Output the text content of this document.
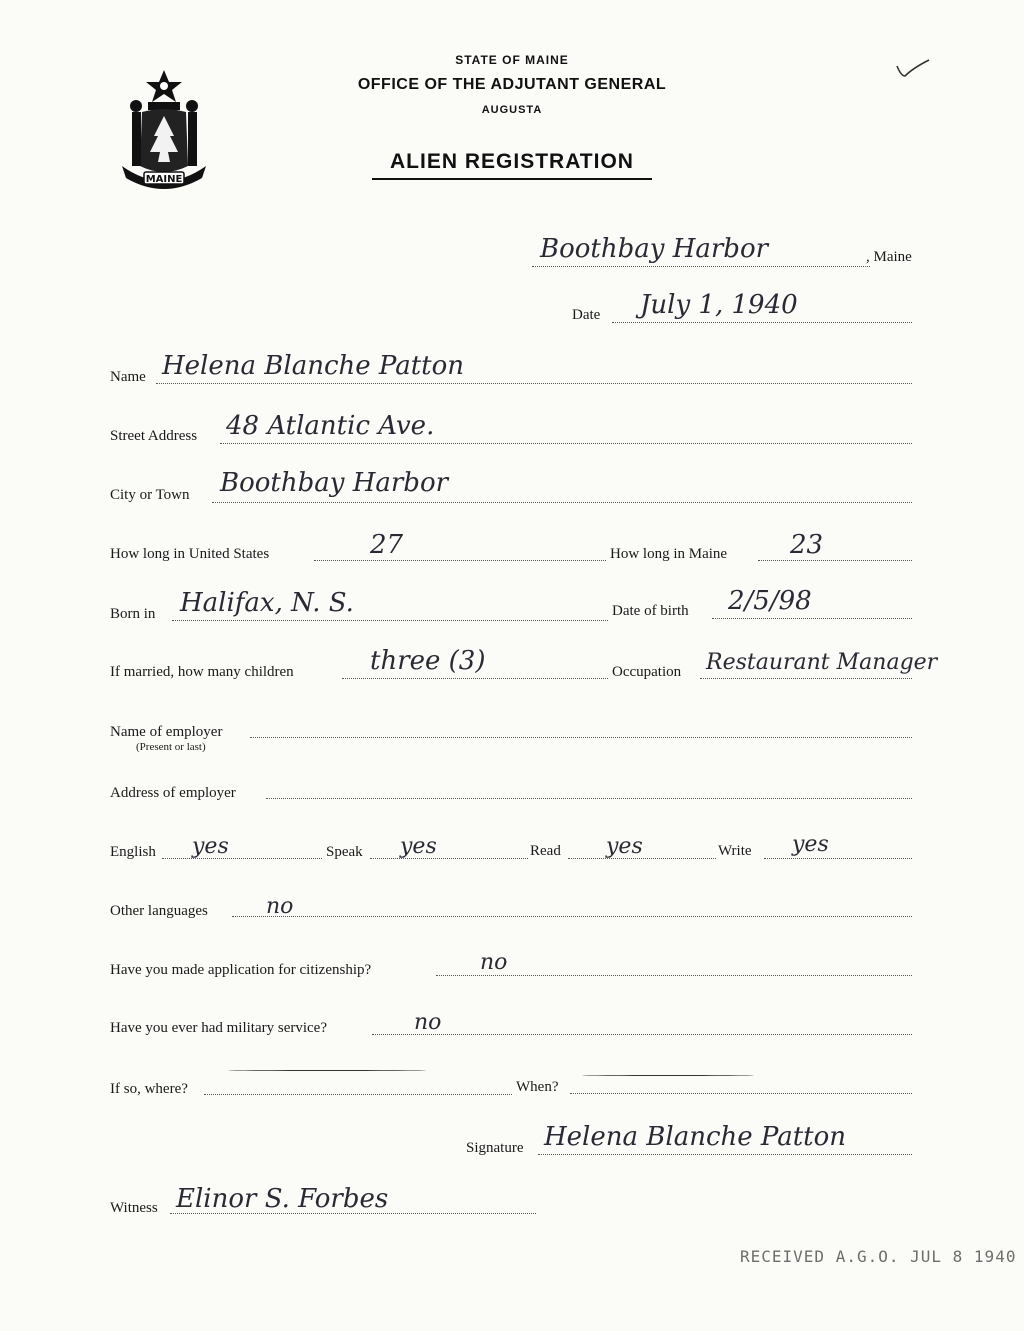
MAINE
STATE OF MAINE
OFFICE OF THE ADJUTANT GENERAL
AUGUSTA
ALIEN REGISTRATION
Boothbay Harbor	, Maine
Date July 1, 1940
Name Helena Blanche Patton
Street Address 48 Atlantic Ave.
City or Town Boothbay Harbor
How long in United States	27	How long in Maine 23
Born in Halifax, N. S.	Date of birth 2/5/98
If married, how many children	three (3)	Occupation Restaurant Manager
Name of employer
(Present or last)
Address of employer
English yes	Speak yes	Read yes	Write yes
Other languages	no
Have you made application for citizenship?	no
Have you ever had military service?	no
If so, where?	When?
Signature Helena Blanche Patton
Witness Elinor S. Forbes
RECEIVED A.G.O. JUL 8 1940
